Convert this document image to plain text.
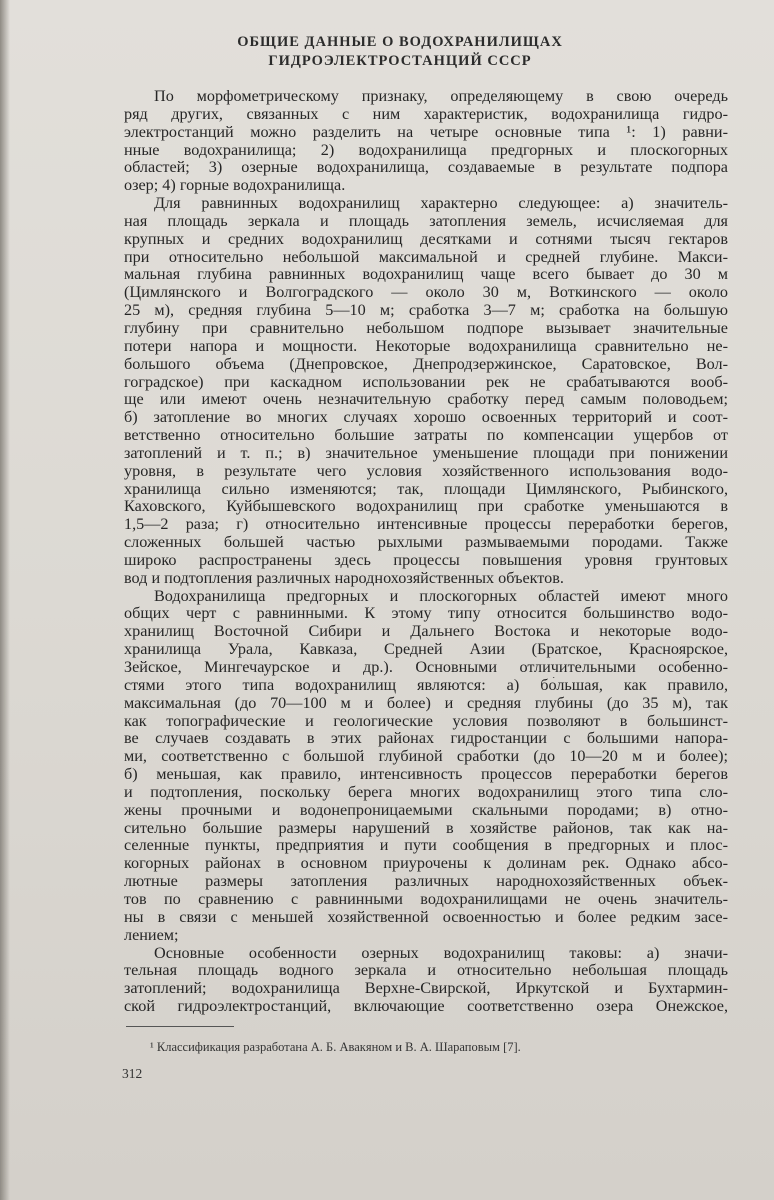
ОБЩИЕ ДАННЫЕ О ВОДОХРАНИЛИЩАХ
ГИДРОЭЛЕКТРОСТАНЦИЙ СССР
По морфометрическому признаку, определяющему в свою очередь
ряд других, связанных с ним характеристик, водохранилища гидро-
электростанций можно разделить на четыре основные типа ¹: 1) равни-
нные водохранилища; 2) водохранилища предгорных и плоскогорных
областей; 3) озерные водохранилища, создаваемые в результате подпора
озер; 4) горные водохранилища.
Для равнинных водохранилищ характерно следующее: а) значитель-
ная площадь зеркала и площадь затопления земель, исчисляемая для
крупных и средних водохранилищ десятками и сотнями тысяч гектаров
при относительно небольшой максимальной и средней глубине. Макси-
мальная глубина равнинных водохранилищ чаще всего бывает до 30 м
(Цимлянского и Волгоградского — около 30 м, Воткинского — около
25 м), средняя глубина 5—10 м; сработка 3—7 м; сработка на большую
глубину при сравнительно небольшом подпоре вызывает значительные
потери напора и мощности. Некоторые водохранилища сравнительно не-
большого объема (Днепровское, Днепродзержинское, Саратовское, Вол-
гоградское) при каскадном использовании рек не срабатываются вооб-
ще или имеют очень незначительную сработку перед самым половодьем;
б) затопление во многих случаях хорошо освоенных территорий и соот-
ветственно относительно большие затраты по компенсации ущербов от
затоплений и т. п.; в) значительное уменьшение площади при понижении
уровня, в результате чего условия хозяйственного использования водо-
хранилища сильно изменяются; так, площади Цимлянского, Рыбинского,
Каховского, Куйбышевского водохранилищ при сработке уменьшаются в
1,5—2 раза; г) относительно интенсивные процессы переработки берегов,
сложенных большей частью рыхлыми размываемыми породами. Также
широко распространены здесь процессы повышения уровня грунтовых
вод и подтопления различных народнохозяйственных объектов.
Водохранилища предгорных и плоскогорных областей имеют много
общих черт с равнинными. К этому типу относится большинство водо-
хранилищ Восточной Сибири и Дальнего Востока и некоторые водо-
хранилища Урала, Кавказа, Средней Азии (Братское, Красноярское,
Зейское, Мингечаурское и др.). Основными отличительными особенно-
стями этого типа водохранилищ являются: а) бо́льшая, как правило,
максимальная (до 70—100 м и более) и средняя глубины (до 35 м), так
как топографические и геологические условия позволяют в большинст-
ве случаев создавать в этих районах гидростанции с большими напора-
ми, соответственно с большой глубиной сработки (до 10—20 м и более);
б) меньшая, как правило, интенсивность процессов переработки берегов
и подтопления, поскольку берега многих водохранилищ этого типа сло-
жены прочными и водонепроницаемыми скальными породами; в) отно-
сительно большие размеры нарушений в хозяйстве районов, так как на-
селенные пункты, предприятия и пути сообщения в предгорных и плос-
когорных районах в основном приурочены к долинам рек. Однако абсо-
лютные размеры затопления различных народнохозяйственных объек-
тов по сравнению с равнинными водохранилищами не очень значитель-
ны в связи с меньшей хозяйственной освоенностью и более редким засе-
лением;
Основные особенности озерных водохранилищ таковы: а) значи-
тельная площадь водного зеркала и относительно небольшая площадь
затоплений; водохранилища Верхне-Свирской, Иркутской и Бухтармин-
ской гидроэлектростанций, включающие соответственно озера Онежское,
¹ Классификация разработана А. Б. Авакяном и В. А. Шараповым [7].
312
